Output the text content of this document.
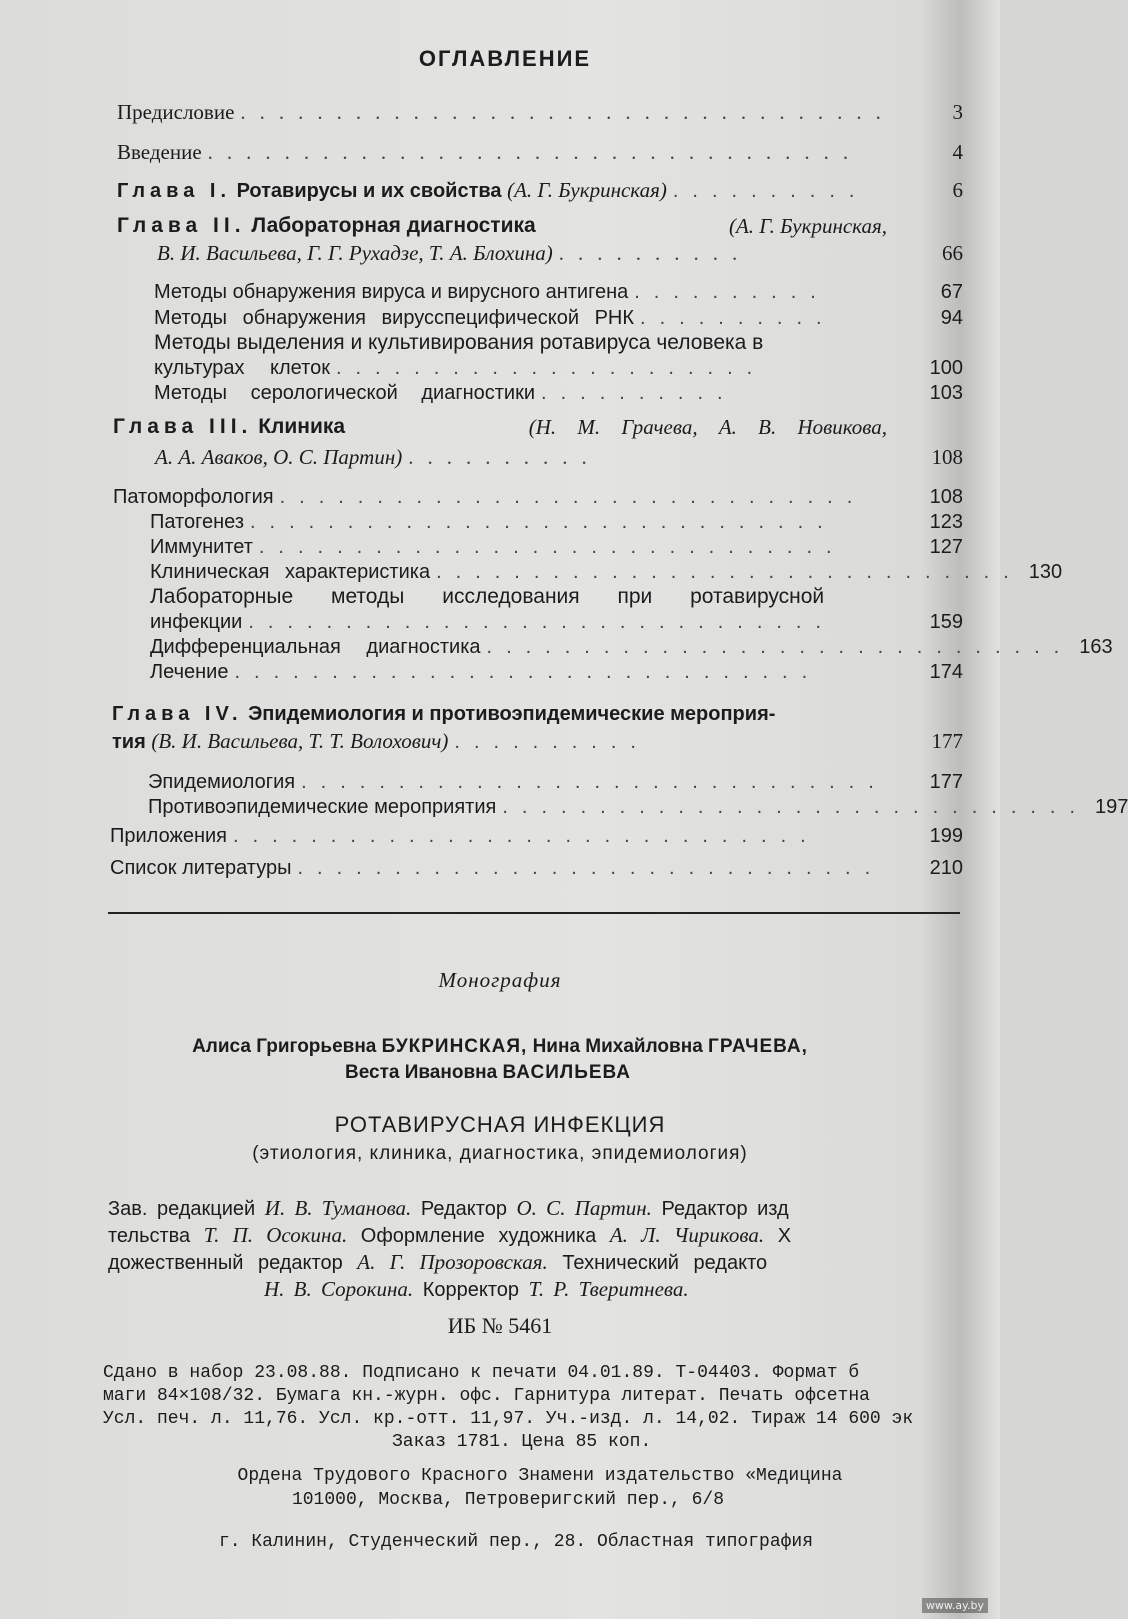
ОГЛАВЛЕНИЕ
Предисловие ..................................	3
Введение ..................................	4
Глава I. Ротавирусы и их свойства (А. Г. Букринская) ..........	6
Глава II. Лабораторная диагностика	(А. Г. Букринская,
В. И. Васильева, Г. Г. Рухадзе, Т. А. Блохина) ..........	66
Методы обнаружения вируса и вирусного антигена ..........	67
Методы обнаружения вирусспецифической РНК ..........	94
Методы выделения и культивирования ротавируса человека в
культурах клеток ......................	100
Методы серологической диагностики ..........	103
Глава III. Клиника	(Н. М. Грачева, А. В. Новикова,
А. А. Аваков, О. С. Партин) ..........	108
Патоморфология ..............................	108
Патогенез ..............................	123
Иммунитет ..............................	127
Клиническая характеристика .............................. 130
Лабораторные методы исследования при ротавирусной
инфекции ..............................	159
Дифференциальная диагностика .............................. 163
Лечение ..............................	174
Глава IV. Эпидемиология и противоэпидемические мероприя-
тия (В. И. Васильева, Т. Т. Волохович) ..........	177
Эпидемиология ..............................	177
Противоэпидемические мероприятия .............................. 197
Приложения ..............................	199
Список литературы ..............................	210
Монография
Алиса Григорьевна БУКРИНСКАЯ, Нина Михайловна ГРАЧЕВА,
Веста Ивановна ВАСИЛЬЕВА
РОТАВИРУСНАЯ ИНФЕКЦИЯ
(этиология, клиника, диагностика, эпидемиология)
Зав. редакцией И. В. Туманова. Редактор О. С. Партин. Редактор изд
тельства Т. П. Осокина. Оформление художника А. Л. Чирикова. Х
дожественный редактор А. Г. Прозоровская. Технический редакто
Н. В. Сорокина. Корректор Т. Р. Тверитнева.
ИБ № 5461
Сдано в набор 23.08.88. Подписано к печати 04.01.89. Т-04403. Формат б
маги 84×108/32. Бумага кн.-журн. офс. Гарнитура литерат. Печать офсетна
Усл. печ. л. 11,76. Усл. кр.-отт. 11,97. Уч.-изд. л. 14,02. Тираж 14 600 эк
Заказ 1781. Цена 85 коп.
Ордена Трудового Красного Знамени издательство «Медицина
101000, Москва, Петроверигский пер., 6/8
г. Калинин, Студенческий пер., 28. Областная типография
www.ay.by
